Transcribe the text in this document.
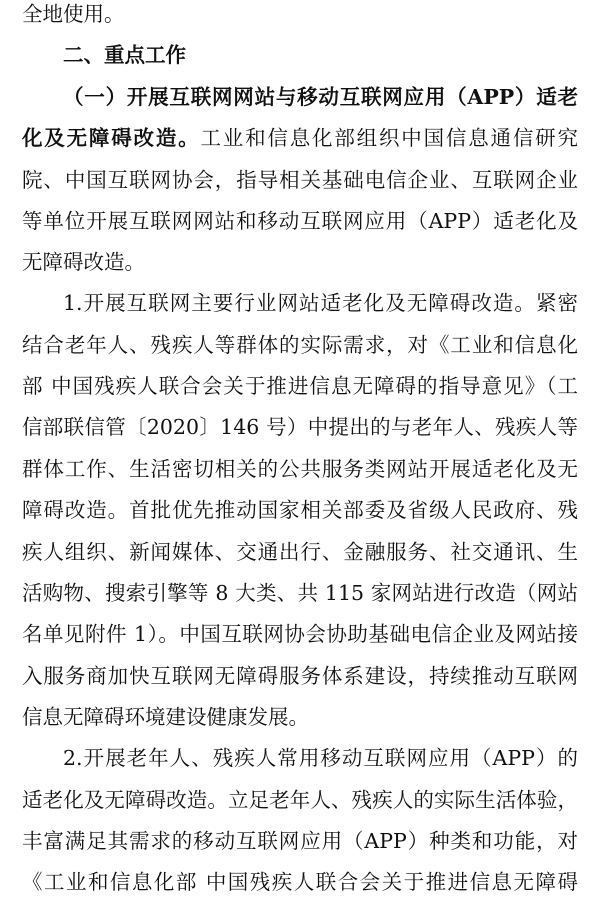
全地使用。
二、重点工作
（一）开展互联网网站与移动互联网应用（APP）适老
化及无障碍改造。工业和信息化部组织中国信息通信研究
院、中国互联网协会，指导相关基础电信企业、互联网企业
等单位开展互联网网站和移动互联网应用（APP）适老化及
无障碍改造。
1.开展互联网主要行业网站适老化及无障碍改造。紧密
结合老年人、残疾人等群体的实际需求，对《工业和信息化
部 中国残疾人联合会关于推进信息无障碍的指导意见》（工
信部联信管〔2020〕146 号）中提出的与老年人、残疾人等
群体工作、生活密切相关的公共服务类网站开展适老化及无
障碍改造。首批优先推动国家相关部委及省级人民政府、残
疾人组织、新闻媒体、交通出行、金融服务、社交通讯、生
活购物、搜索引擎等 8 大类、共 115 家网站进行改造（网站
名单见附件 1）。中国互联网协会协助基础电信企业及网站接
入服务商加快互联网无障碍服务体系建设，持续推动互联网
信息无障碍环境建设健康发展。
2.开展老年人、残疾人常用移动互联网应用（APP）的
适老化及无障碍改造。立足老年人、残疾人的实际生活体验，
丰富满足其需求的移动互联网应用（APP）种类和功能，对
《工业和信息化部 中国残疾人联合会关于推进信息无障碍
